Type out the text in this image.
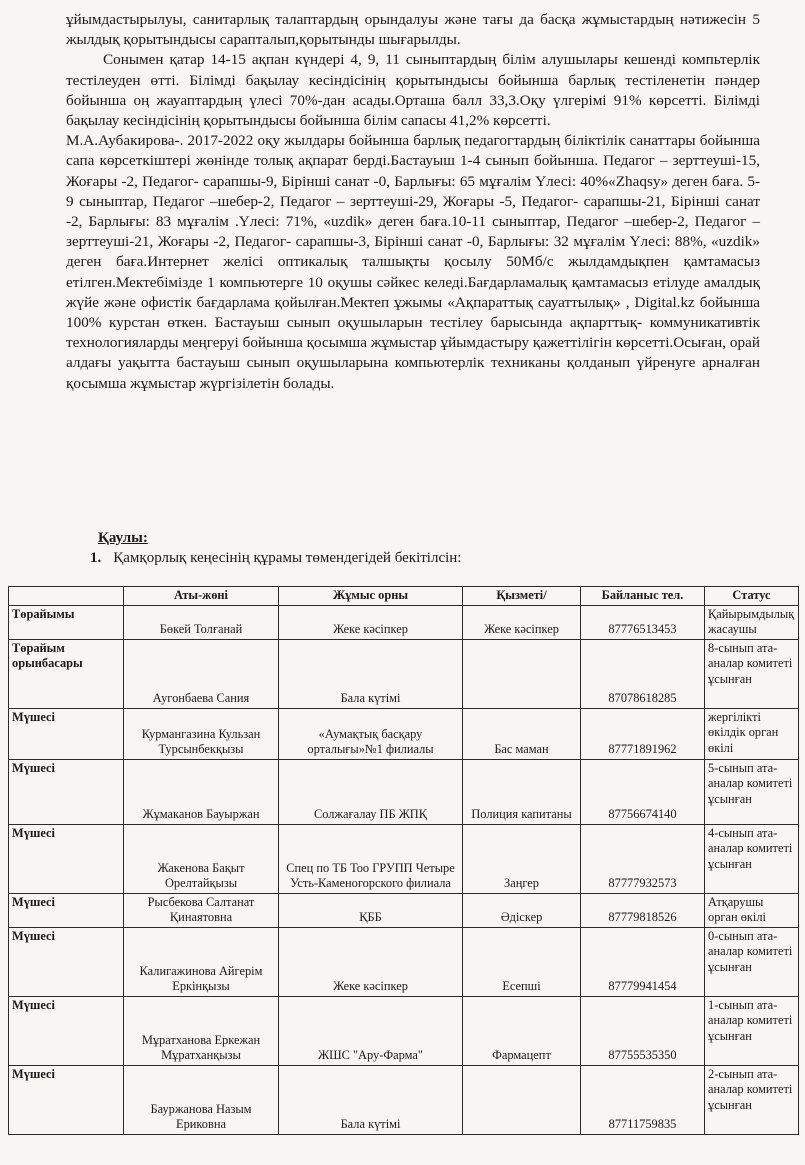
ұйымдастырылуы, санитарлық талаптардың орындалуы және тағы да басқа жұмыстардың нәтижесін 5 жылдық қорытындысы сарапталып,қорытынды шығарылды.

Сонымен қатар 14-15 ақпан күндері 4, 9, 11 сыныптардың білім алушылары кешенді компьтерлік тестілеуден өтті. Білімді бақылау кесіндісінің қорытындысы бойынша барлық тестіленетін пәндер бойынша оң жауаптардың үлесі 70%-дан асады.Орташа балл 33,3.Оқу үлгерімі 91% көрсетті. Білімді бақылау кесіндісінің қорытындысы бойынша білім сапасы 41,2% көрсетті.

М.А.Аубакирова-. 2017-2022 оқу жылдары бойынша барлық педагогтардың біліктілік санаттары бойынша сапа көрсеткіштері жөнінде толық ақпарат берді.Бастауыш 1-4 сынып бойынша. Педагог – зерттеуші-15, Жоғары -2, Педагог- сарапшы-9, Бірінші санат -0, Барлығы: 65 мұғалім Үлесі: 40%«Zhaqsy» деген баға. 5-9 сыныптар, Педагог –шебер-2, Педагог – зерттеуші-29, Жоғары -5, Педагог- сарапшы-21, Бірінші санат -2, Барлығы: 83 мұғалім .Үлесі: 71%, «uzdik» деген баға.10-11 сыныптар, Педагог –шебер-2, Педагог – зерттеуші-21, Жоғары -2, Педагог- сарапшы-3, Бірінші санат -0, Барлығы: 32 мұғалім Үлесі: 88%, «uzdik» деген баға.Интернет желісі оптикалық талшықты қосылу 50Мб/с жылдамдықпен қамтамасыз етілген.Мектебімізде 1 компьютерге 10 оқушы сәйкес келеді.Бағдарламалық қамтамасыз етілуде амалдық жүйе және офистік бағдарлама қойылған.Мектеп ұжымы «Ақпараттық сауаттылық» , Digital.kz бойынша 100% курстан өткен. Бастауыш сынып оқушыларын тестілеу барысында ақпарттық- коммуникативтік технологияларды меңгеруі бойынша қосымша жұмыстар ұйымдастыру қажеттілігін көрсетті.Осыған, орай алдағы уақытта бастауыш сынып оқушыларына компьютерлік техниканы қолданып үйренуге арналған қосымша жұмыстар жүргізілетін болады.

Қаулы:
1. Қамқорлық кеңесінің құрамы төмендегідей бекітілсін:
	Аты-жөні	Жұмыс орны	Қызметі/	Байланыс тел.	Статус
Төрайымы	Бөкей Толғанай	Жеке кәсіпкер	Жеке кәсіпкер	87776513453	Қайырымдылық жасаушы
Төрайым орынбасары	Аугонбаева Сания	Бала күтімі		87078618285	8-сынып ата-аналар комитеті ұсынған
Мүшесі	Курмангазина Кульзан Турсынбекқызы	«Аумақтық басқару орталығы»№1 филиалы	Бас маман	87771891962	жергілікті өкілдік орган өкілі
Мүшесі	Жұмаканов Бауыржан	Солжағалау ПБ ЖПҚ	Полиция капитаны	87756674140	5-сынып ата-аналар комитеті ұсынған
Мүшесі	Жакенова Бақыт Орелтайқызы	Спец по ТБ Тоо ГРУПП Четыре Усть-Каменогорского филиала	Заңгер	87777932573	4-сынып ата-аналар комитеті ұсынған
Мүшесі	Рысбекова Салтанат Қинаятовна	ҚББ	Әдіскер	87779818526	Атқарушы орган өкілі
Мүшесі	Калигажинова Айгерім Еркінқызы	Жеке кәсіпкер	Есепші	87779941454	0-сынып ата-аналар комитеті ұсынған
Мүшесі	Мұратханова Еркежан Мұратханқызы	ЖШС "Ару-Фарма"	Фармацепт	87755535350	1-сынып ата-аналар комитеті ұсынған
Мүшесі	Бауржанова Назым Ериковна	Бала күтімі		87711759835	2-сынып ата-аналар комитеті ұсынған
